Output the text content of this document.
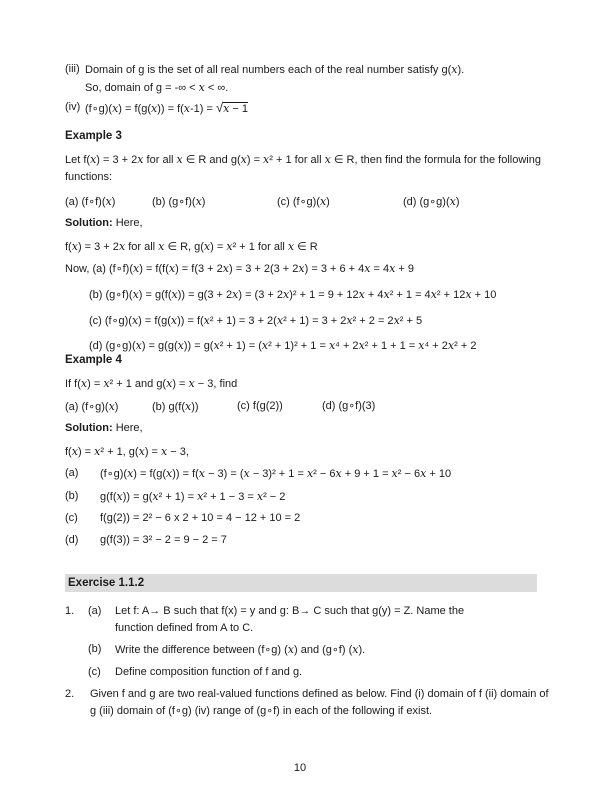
(iii) Domain of g is the set of all real numbers each of the real number satisfy g(x).
So, domain of g = -∞ < x < ∞.
(iv) (f∘g)(x) = f(g(x)) = f(x-1) = √x − 1
Example 3
Let f(x) = 3 + 2x for all x ∈ R and g(x) = x² + 1 for all x ∈ R, then find the formula for the following functions:
(a) (f∘f)(x)	(b) (g∘f)(x)	(c) (f∘g)(x)	(d) (g∘g)(x)
Solution: Here,
f(x) = 3 + 2x for all x ∈ R, g(x) = x² + 1 for all x ∈ R
Now, (a) (f∘f)(x) = f(f(x) = f(3 + 2x) = 3 + 2(3 + 2x) = 3 + 6 + 4x = 4x + 9
(b) (g∘f)(x) = g(f(x)) = g(3 + 2x) = (3 + 2x)² + 1 = 9 + 12x + 4x² + 1 = 4x² + 12x + 10
(c) (f∘g)(x) = f(g(x)) = f(x² + 1) = 3 + 2(x² + 1) = 3 + 2x² + 2 = 2x² + 5
(d) (g∘g)(x) = g(g(x)) = g(x² + 1) = (x² + 1)² + 1 = x⁴ + 2x² + 1 + 1 = x⁴ + 2x² + 2
Example 4
If f(x) = x² + 1 and g(x) = x − 3, find
(a) (f∘g)(x)	(b) g(f(x))	(c) f(g(2))	(d) (g∘f)(3)
Solution: Here,
f(x) = x² + 1, g(x) = x − 3,
(a)	(f∘g)(x) = f(g(x)) = f(x − 3) = (x − 3)² + 1 = x² − 6x + 9 + 1 = x² − 6x + 10
(b)	g(f(x)) = g(x² + 1) = x² + 1 − 3 = x² − 2
(c)	f(g(2)) = 2² − 6 x 2 + 10 = 4 − 12 + 10 = 2
(d)	g(f(3)) = 3² − 2 = 9 − 2 = 7
Exercise 1.1.2
1.	(a)	Let f: A→ B such that f(x) = y and g: B→ C such that g(y) = Z. Name the function defined from A to C.
(b)	Write the difference between (f∘g) (x) and (g∘f) (x).
(c)	Define composition function of f and g.
2.	Given f and g are two real-valued functions defined as below. Find (i) domain of f (ii) domain of g (iii) domain of (f∘g) (iv) range of (g∘f) in each of the following if exist.
10
